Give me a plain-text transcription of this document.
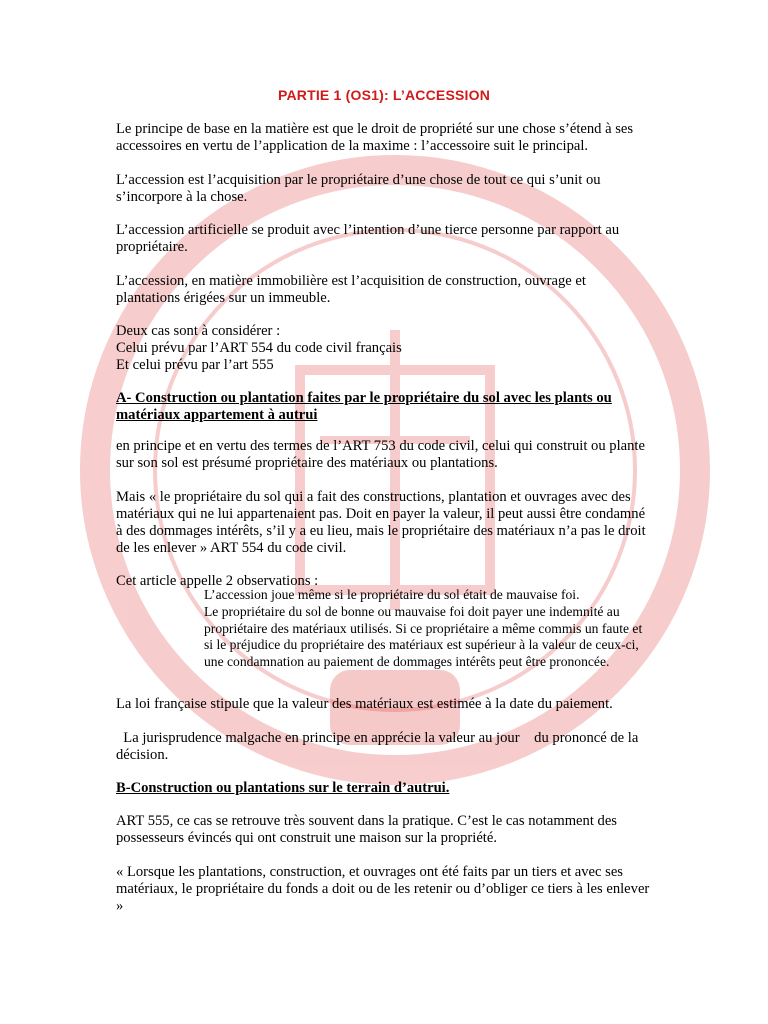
PARTIE 1 (OS1): L’ACCESSION

Le principe de base en la matière est que le droit de propriété sur une chose s’étend à ses accessoires en vertu de l’application de la maxime : l’accessoire suit le principal.

L’accession est l’acquisition par le propriétaire d’une chose de tout ce qui s’unit ou s’incorpore à la chose.

L’accession artificielle se produit avec l’intention d’une tierce personne par rapport au propriétaire.

L’accession, en matière immobilière est l’acquisition de construction, ouvrage et plantations érigées sur un immeuble.

Deux cas sont à considérer :

Celui prévu par l’ART 554 du code civil français

Et celui prévu par l’art 555

A- Construction ou plantation faites par le propriétaire du sol avec les plants ou matériaux appartement à autrui

en principe et en vertu des termes de l’ART 753 du code civil, celui qui construit ou plante sur son sol est présumé propriétaire des matériaux ou plantations.

Mais « le propriétaire du sol qui a fait des constructions, plantation et ouvrages avec des matériaux qui ne lui appartenaient pas. Doit en payer la valeur, il peut aussi être condamné à des dommages intérêts, s’il y a eu lieu, mais le propriétaire des matériaux n’a pas le droit de les enlever » ART 554 du code civil.

Cet article appelle 2 observations :

L’accession joue même si le propriétaire du sol était de mauvaise foi.

Le propriétaire du sol de bonne ou mauvaise foi doit payer une indemnité au propriétaire des matériaux utilisés. Si ce propriétaire a même commis un faute et si le préjudice du propriétaire des matériaux est supérieur à la valeur de ceux-ci, une condamnation au paiement de dommages intérêts peut être prononcée.

La loi française stipule que la valeur des matériaux est estimée à la date du paiement.

La jurisprudence malgache en principe en apprécie la valeur au jour    du prononcé de la décision.

B-Construction ou plantations sur le terrain d’autrui.

ART 555, ce cas se retrouve très souvent dans la pratique. C’est le cas notamment des possesseurs évincés qui ont construit une maison sur la propriété.

« Lorsque les plantations, construction, et ouvrages ont été faits par un tiers et avec ses matériaux, le propriétaire du fonds a doit ou de les retenir ou d’obliger ce tiers à les enlever »
